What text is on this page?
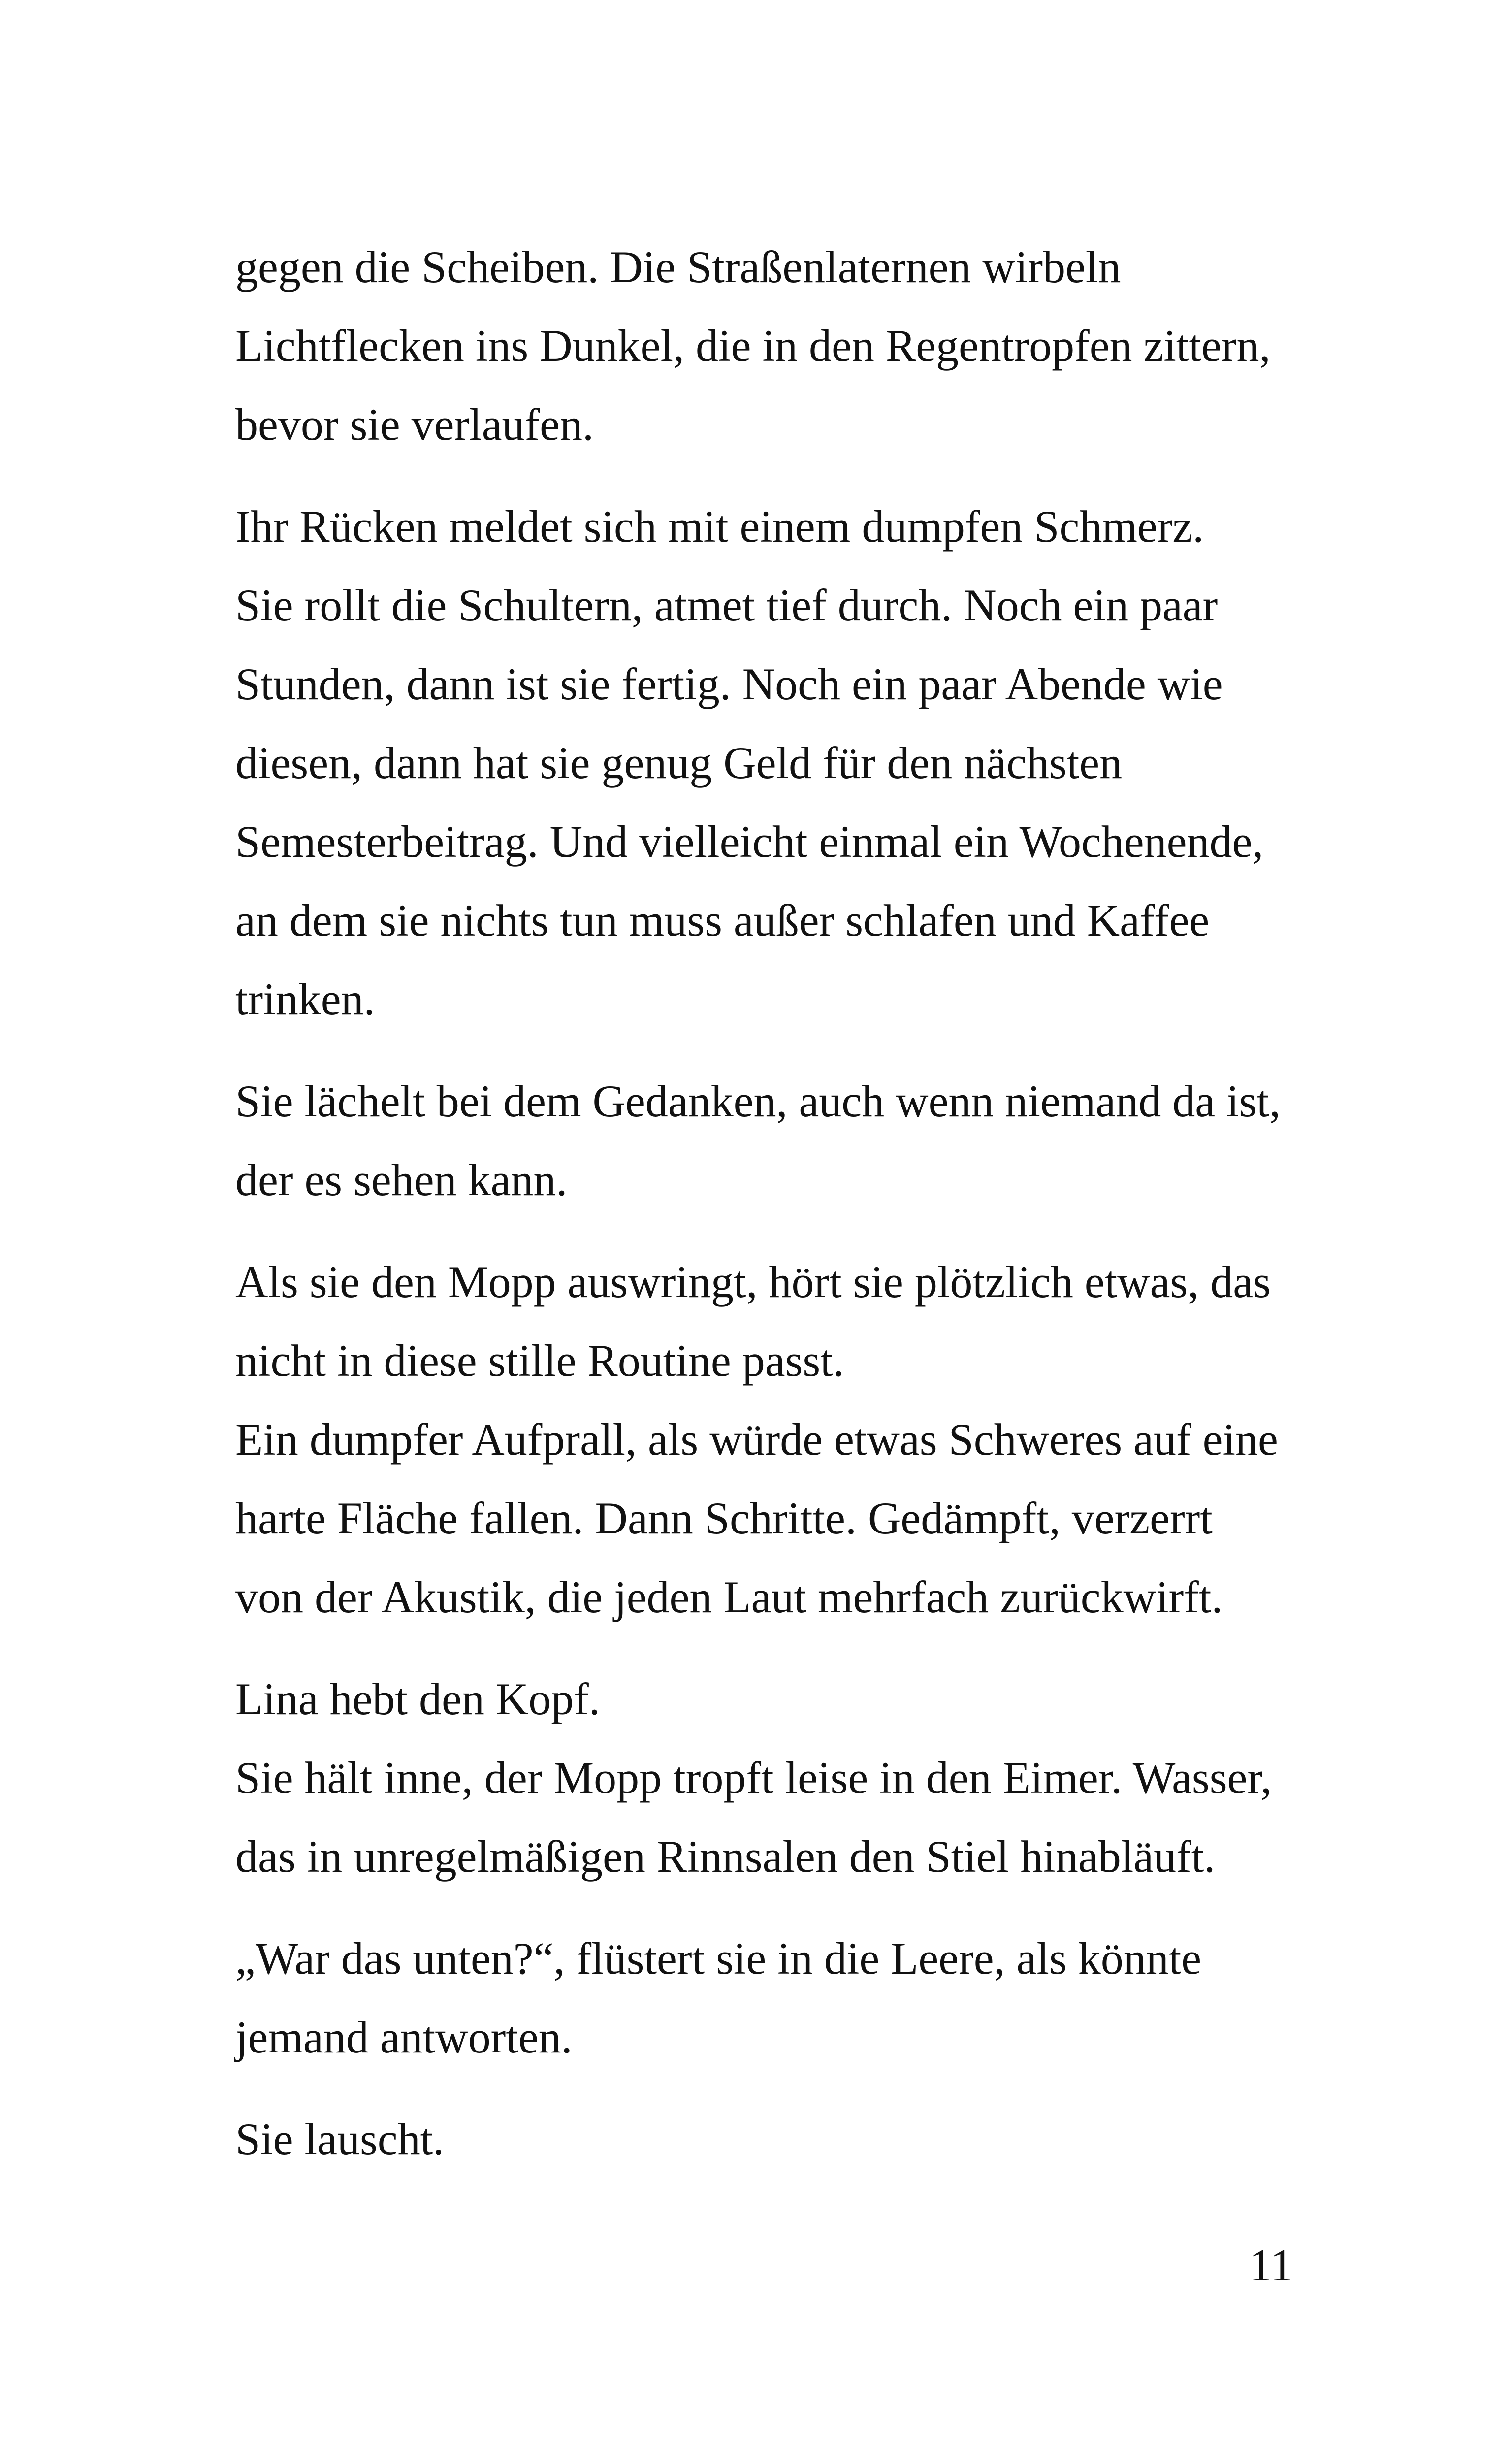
gegen die Scheiben. Die Straßenlaternen wirbeln
Lichtflecken ins Dunkel, die in den Regentropfen zittern,
bevor sie verlaufen.

Ihr Rücken meldet sich mit einem dumpfen Schmerz.
Sie rollt die Schultern, atmet tief durch. Noch ein paar
Stunden, dann ist sie fertig. Noch ein paar Abende wie
diesen, dann hat sie genug Geld für den nächsten
Semesterbeitrag. Und vielleicht einmal ein Wochenende,
an dem sie nichts tun muss außer schlafen und Kaffee
trinken.

Sie lächelt bei dem Gedanken, auch wenn niemand da ist,
der es sehen kann.

Als sie den Mopp auswringt, hört sie plötzlich etwas, das
nicht in diese stille Routine passt.
Ein dumpfer Aufprall, als würde etwas Schweres auf eine
harte Fläche fallen. Dann Schritte. Gedämpft, verzerrt
von der Akustik, die jeden Laut mehrfach zurückwirft.

Lina hebt den Kopf.
Sie hält inne, der Mopp tropft leise in den Eimer. Wasser,
das in unregelmäßigen Rinnsalen den Stiel hinabläuft.

„War das unten?“, flüstert sie in die Leere, als könnte
jemand antworten.

Sie lauscht.

11
